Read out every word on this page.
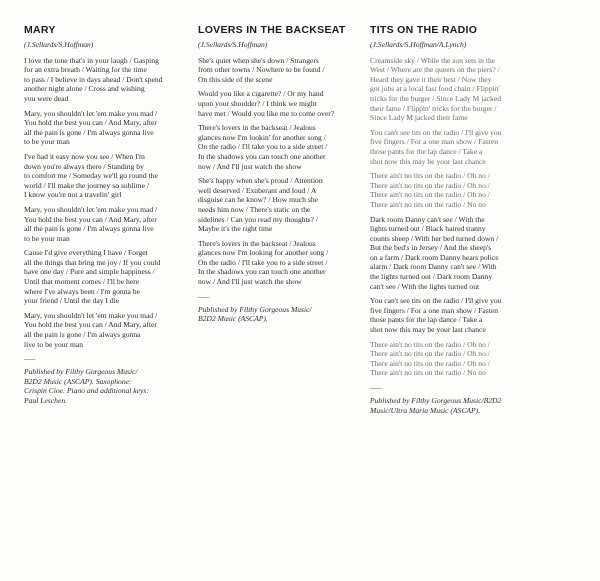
MARY

(J.Sellards/S.Hoffman)

I love the tone that's in your laugh / Gasping
for an extra breath / Waiting for the time
to pass / I believe in days ahead / Don't spend
another night alone / Cross and wishing
you were dead

Mary, you shouldn't let 'em make you mad /
You hold the best you can / And Mary, after
all the pain is gone / I'm always gonna live
to be your man

I've had it easy now you see / When I'm
down you're always there / Standing by
to comfort me / Someday we'll go round the
world / I'll make the journey so sublime /
I know you're not a travelin' girl

Mary, you shouldn't let 'em make you mad /
You hold the best you can / And Mary, after
all the pain is gone / I'm always gonna live
to be your man

Cause I'd give everything I have / Forget
all the things that bring me joy / If you could
have one day / Pure and simple happiness /
Until that moment comes / I'll be here
where I've always been / I'm gonna be
your friend / Until the day I die

Mary, you shouldn't let 'em make you mad /
You hold the best you can / And Mary, after
all the pain is gone / I'm always gonna
live to be your man

–––

Published by Filthy Gorgeous Music/
B2D2 Music (ASCAP). Saxophone:
Crispin Cioe. Piano and additional keys:
Paul Leschen.

LOVERS IN THE BACKSEAT

(J.Sellards/S.Hoffman)

She's quiet when she's down / Strangers
from other towns / Nowhere to be found /
On this side of the scene

Would you like a cigarette? / Or my hand
upon your shoulder? / I think we might
have met / Would you like me to come over?

There's lovers in the backseat / Jealous
glances now I'm lookin' for another song /
On the radio / I'll take you to a side street /
In the shadows you can touch one another
now / And I'll just watch the show

She's happy when she's proud / Attention
well deserved / Exuberant and loud / A
disguise can he know? / How much she
needs him now / There's static on the
sidelines / Can you read my thoughts? /
Maybe it's the right time

There's lovers in the backseat / Jealous
glances now I'm looking for another song /
On the radio / I'll take you to a side street /
In the shadows you can touch one another
now / And I'll just watch the show

–––

Published by Filthy Gorgeous Music/
B2D2 Music (ASCAP).

TITS ON THE RADIO

(J.Sellards/S.Hoffman/A.Lynch)

Creamside sky / While the sun sets in the
West / Where are the queers on the piers? /
Heard they gave it their best / Now they
got jobs at a local fast food chain / Flippin'
tricks for the burger / Since Lady M jacked
their fame / Flippin' tricks for the burger /
Since Lady M jacked their fame

You can't see tits on the radio / I'll give you
five fingers / For a one man show / Fasten
those pants for the lap dance / Take a
shot now this may be your last chance

There ain't no tits on the radio / Oh no /
There ain't no tits on the radio / Oh no /
There ain't no tits on the radio / Oh no /
There ain't no tits on the radio / No no

Dark room Danny can't see / With the
lights turned out / Black haired tranny
counts sheep / With her bed turned down /
But the bed's in Jersey / And the sheep's
on a farm / Dark room Danny hears police
alarm / Dark room Danny can't see / With
the lights turned out / Dark room Danny
can't see / With the lights turned out

You can't see tits on the radio / I'll give you
five fingers / For a one man show / Fasten
those pants for the lap dance / Take a
shot now this may be your last chance

There ain't no tits on the radio / Oh no /
There ain't no tits on the radio / Oh no /
There ain't no tits on the radio / Oh no /
There ain't no tits on the radio / No no

–––

Published by Filthy Gorgeous Music/B2D2
Music/Ultra Maria Music (ASCAP).
